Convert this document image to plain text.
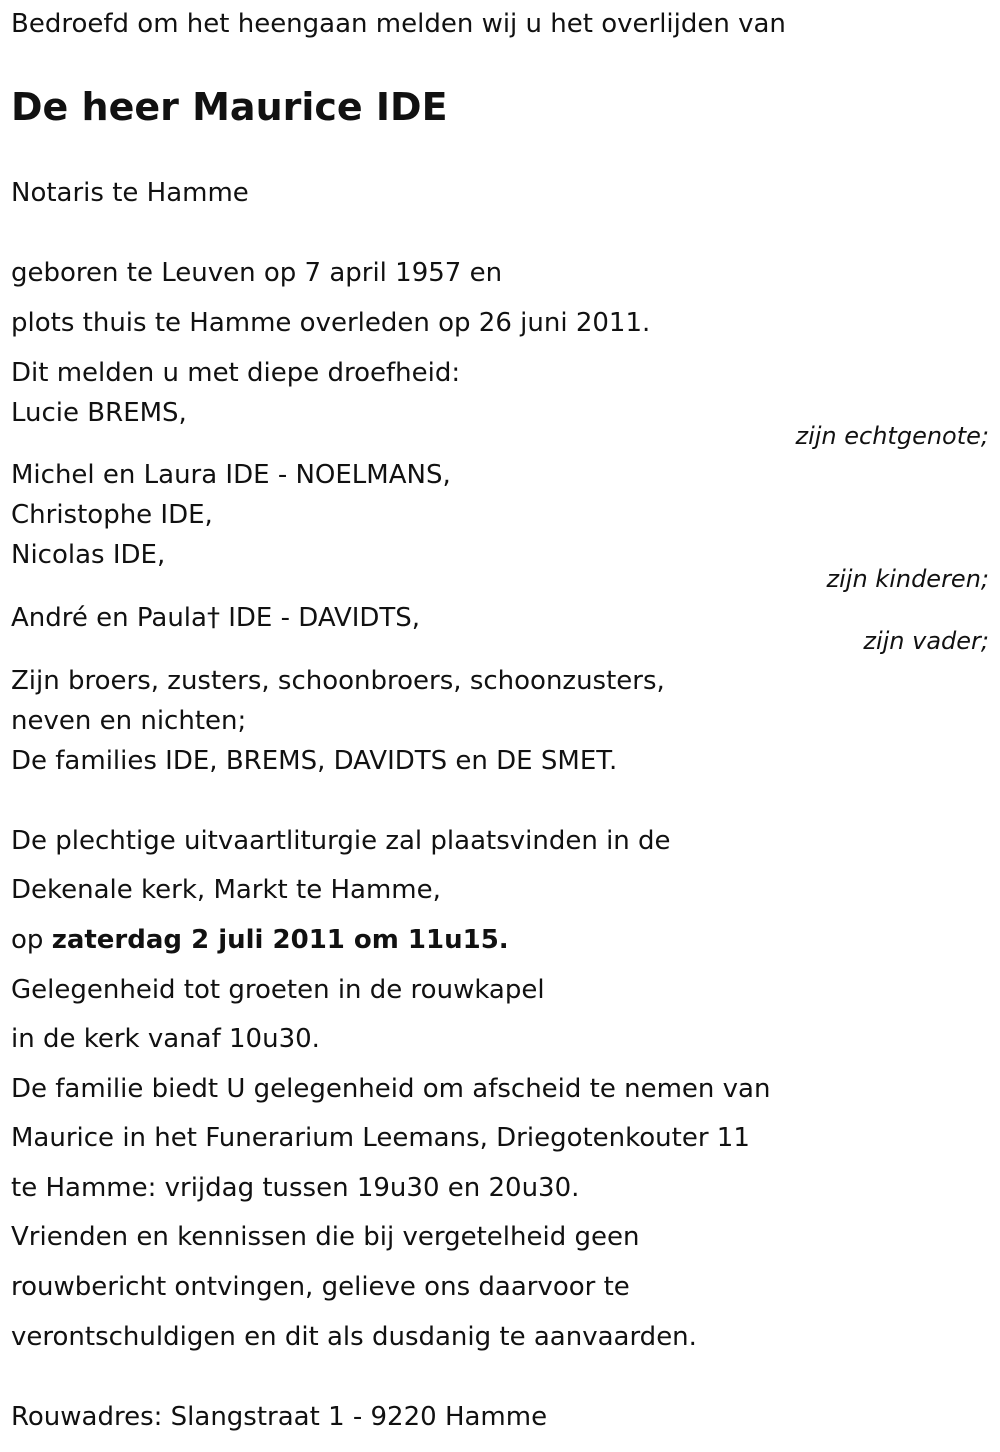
Bedroefd om het heengaan melden wij u het overlijden van
De heer Maurice IDE
Notaris te Hamme
geboren te Leuven op 7 april 1957 en
plots thuis te Hamme overleden op 26 juni 2011.
Dit melden u met diepe droefheid:
Lucie BREMS,
zijn echtgenote;
Michel en Laura IDE - NOELMANS,
Christophe IDE,
Nicolas IDE,
zijn kinderen;
André en Paula† IDE - DAVIDTS,
zijn vader;
Zijn broers, zusters, schoonbroers, schoonzusters,
neven en nichten;
De families IDE, BREMS, DAVIDTS en DE SMET.
De plechtige uitvaartliturgie zal plaatsvinden in de
Dekenale kerk, Markt te Hamme,
op zaterdag 2 juli 2011 om 11u15.
Gelegenheid tot groeten in de rouwkapel
in de kerk vanaf 10u30.
De familie biedt U gelegenheid om afscheid te nemen van
Maurice in het Funerarium Leemans, Driegotenkouter 11
te Hamme: vrijdag tussen 19u30 en 20u30.
Vrienden en kennissen die bij vergetelheid geen
rouwbericht ontvingen, gelieve ons daarvoor te
verontschuldigen en dit als dusdanig te aanvaarden.
Rouwadres: Slangstraat 1 - 9220 Hamme
